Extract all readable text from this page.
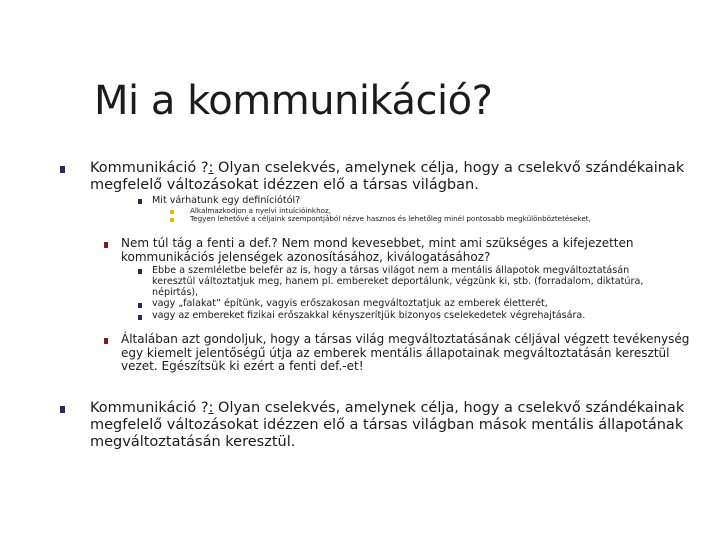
Mi a kommunikáció?
Kommunikáció ?: Olyan cselekvés, amelynek célja, hogy a cselekvő szándékainak
megfelelő változásokat idézzen elő a társas világban.
Mit várhatunk egy definíciótól?
Alkalmazkodjon a nyelvi intuícióinkhoz,
Tegyen lehetővé a céljaink szempontjából nézve hasznos és lehetőleg minél pontosabb megkülönböztetéseket,
Nem túl tág a fenti a def.? Nem mond kevesebbet, mint ami szükséges a kifejezetten
kommunikációs jelenségek azonosításához, kiválogatásához?
Ebbe a szemléletbe belefér az is, hogy a társas világot nem a mentális állapotok megváltoztatásán
keresztül változtatjuk meg, hanem pl. embereket deportálunk, végzünk ki, stb. (forradalom, diktatúra,
népirtás),
vagy „falakat” építünk, vagyis erőszakosan megváltoztatjuk az emberek életterét,
vagy az embereket fizikai erőszakkal kényszerítjük bizonyos cselekedetek végrehajtására.
Általában azt gondoljuk, hogy a társas világ megváltoztatásának céljával végzett tevékenység
egy kiemelt jelentőségű útja az emberek mentális állapotainak megváltoztatásán keresztül
vezet. Egészítsük ki ezért a fenti def.-et!
Kommunikáció ?: Olyan cselekvés, amelynek célja, hogy a cselekvő szándékainak
megfelelő változásokat idézzen elő a társas világban mások mentális állapotának
megváltoztatásán keresztül.
